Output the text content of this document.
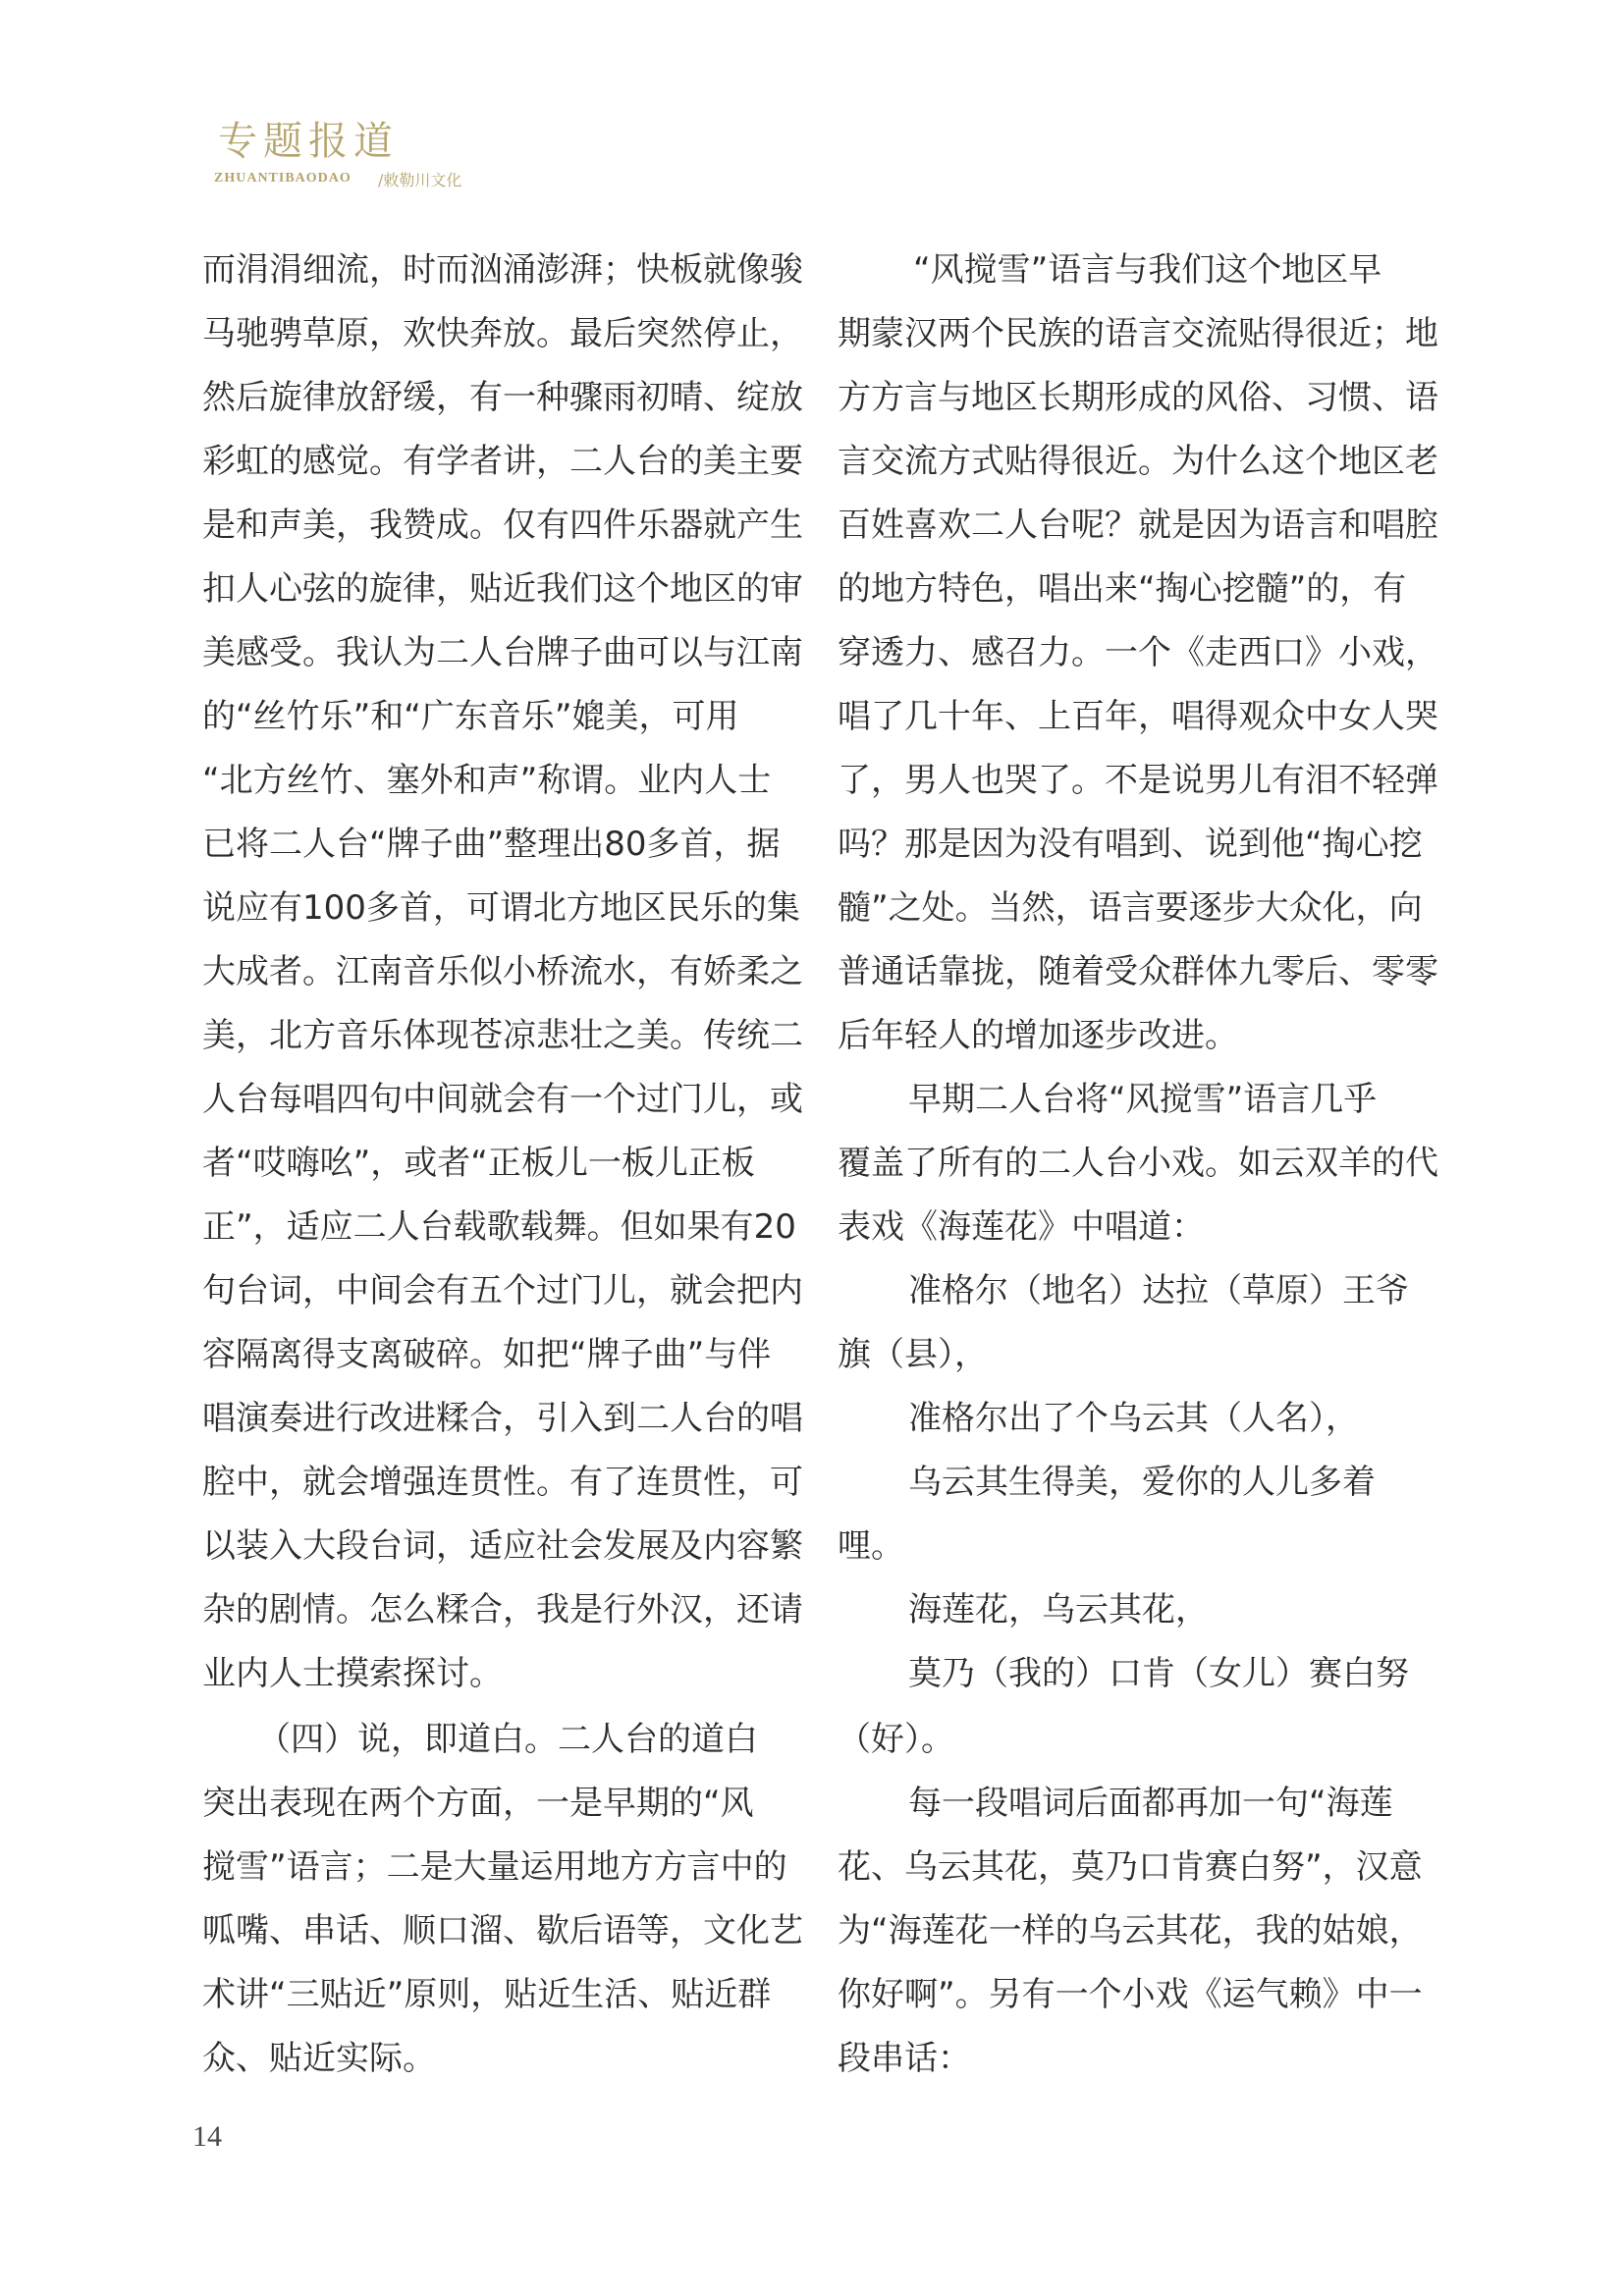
专题报道
ZHUANTIBAODAO /敕勒川文化
而涓涓细流，时而汹涌澎湃；快板就像骏
马驰骋草原，欢快奔放。最后突然停止，
然后旋律放舒缓，有一种骤雨初晴、绽放
彩虹的感觉。有学者讲，二人台的美主要
是和声美，我赞成。仅有四件乐器就产生
扣人心弦的旋律，贴近我们这个地区的审
美感受。我认为二人台牌子曲可以与江南
的“丝竹乐”和“广东音乐”媲美，可用
“北方丝竹、塞外和声”称谓。业内人士
已将二人台“牌子曲”整理出80多首，据
说应有100多首，可谓北方地区民乐的集
大成者。江南音乐似小桥流水，有娇柔之
美，北方音乐体现苍凉悲壮之美。传统二
人台每唱四句中间就会有一个过门儿，或
者“哎嗨吆”，或者“正板儿一板儿正板
正”，适应二人台载歌载舞。但如果有20
句台词，中间会有五个过门儿，就会把内
容隔离得支离破碎。如把“牌子曲”与伴
唱演奏进行改进糅合，引入到二人台的唱
腔中，就会增强连贯性。有了连贯性，可
以装入大段台词，适应社会发展及内容繁
杂的剧情。怎么糅合，我是行外汉，还请
业内人士摸索探讨。
（四）说，即道白。二人台的道白
突出表现在两个方面，一是早期的“风
搅雪”语言；二是大量运用地方方言中的
呱嘴、串话、顺口溜、歇后语等，文化艺
术讲“三贴近”原则，贴近生活、贴近群
众、贴近实际。
“风搅雪”语言与我们这个地区早
期蒙汉两个民族的语言交流贴得很近；地
方方言与地区长期形成的风俗、习惯、语
言交流方式贴得很近。为什么这个地区老
百姓喜欢二人台呢？就是因为语言和唱腔
的地方特色，唱出来“掏心挖髓”的，有
穿透力、感召力。一个《走西口》小戏，
唱了几十年、上百年，唱得观众中女人哭
了，男人也哭了。不是说男儿有泪不轻弹
吗？那是因为没有唱到、说到他“掏心挖
髓”之处。当然，语言要逐步大众化，向
普通话靠拢，随着受众群体九零后、零零
后年轻人的增加逐步改进。
早期二人台将“风搅雪”语言几乎
覆盖了所有的二人台小戏。如云双羊的代
表戏《海莲花》中唱道：
准格尔（地名）达拉（草原）王爷
旗（县），
准格尔出了个乌云其（人名），
乌云其生得美，爱你的人儿多着
哩。
海莲花，乌云其花，
莫乃（我的）口肯（女儿）赛白努
（好）。
每一段唱词后面都再加一句“海莲
花、乌云其花，莫乃口肯赛白努”，汉意
为“海莲花一样的乌云其花，我的姑娘，
你好啊”。另有一个小戏《运气赖》中一
段串话：
14
